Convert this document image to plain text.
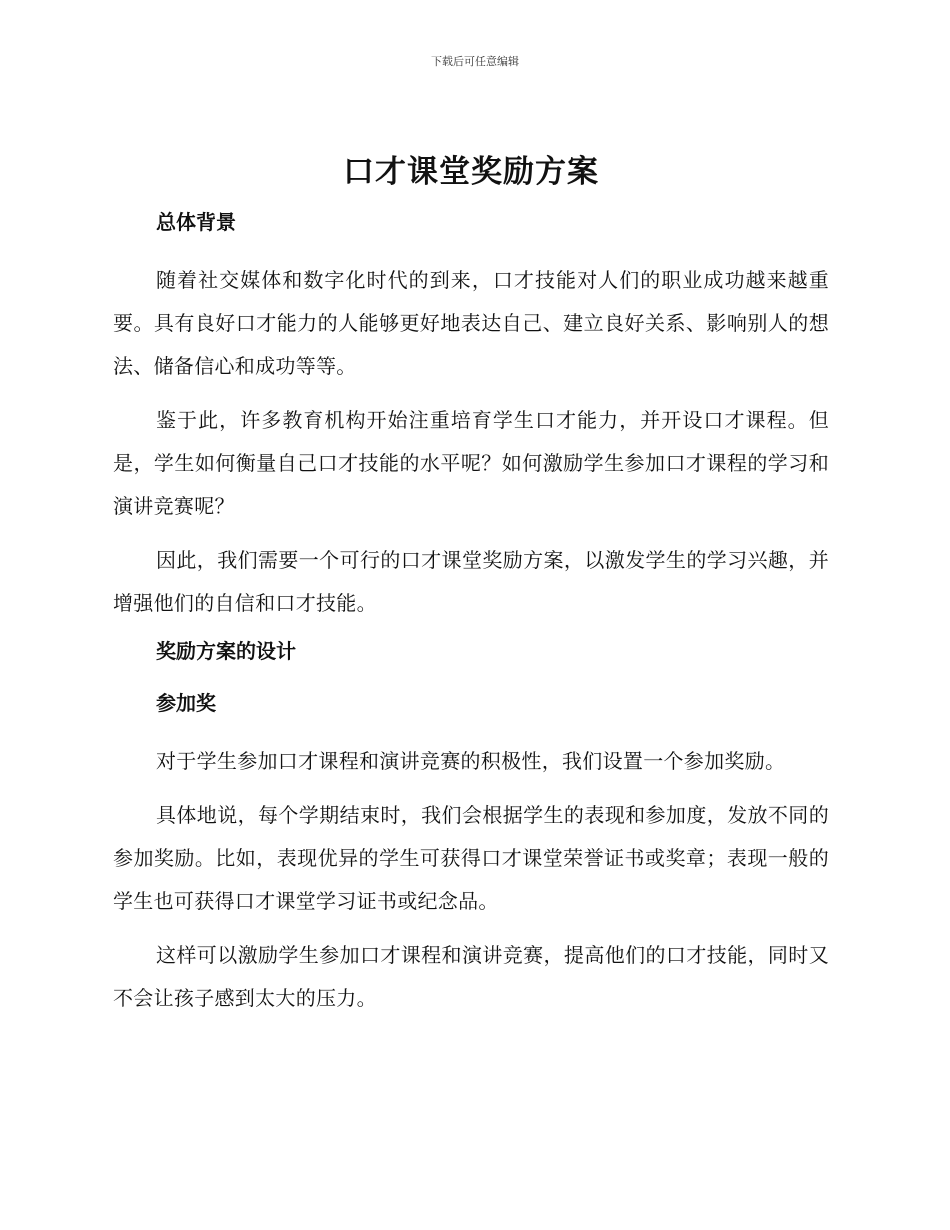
下载后可任意编辑
口才课堂奖励方案
总体背景

随着社交媒体和数字化时代的到来，口才技能对人们的职业成功越来越重要。具有良好口才能力的人能够更好地表达自己、建立良好关系、影响别人的想法、储备信心和成功等等。

鉴于此，许多教育机构开始注重培育学生口才能力，并开设口才课程。但是，学生如何衡量自己口才技能的水平呢？如何激励学生参加口才课程的学习和演讲竞赛呢？

因此，我们需要一个可行的口才课堂奖励方案，以激发学生的学习兴趣，并增强他们的自信和口才技能。

奖励方案的设计
参加奖

对于学生参加口才课程和演讲竞赛的积极性，我们设置一个参加奖励。

具体地说，每个学期结束时，我们会根据学生的表现和参加度，发放不同的参加奖励。比如，表现优异的学生可获得口才课堂荣誉证书或奖章；表现一般的学生也可获得口才课堂学习证书或纪念品。

这样可以激励学生参加口才课程和演讲竞赛，提高他们的口才技能，同时又不会让孩子感到太大的压力。
